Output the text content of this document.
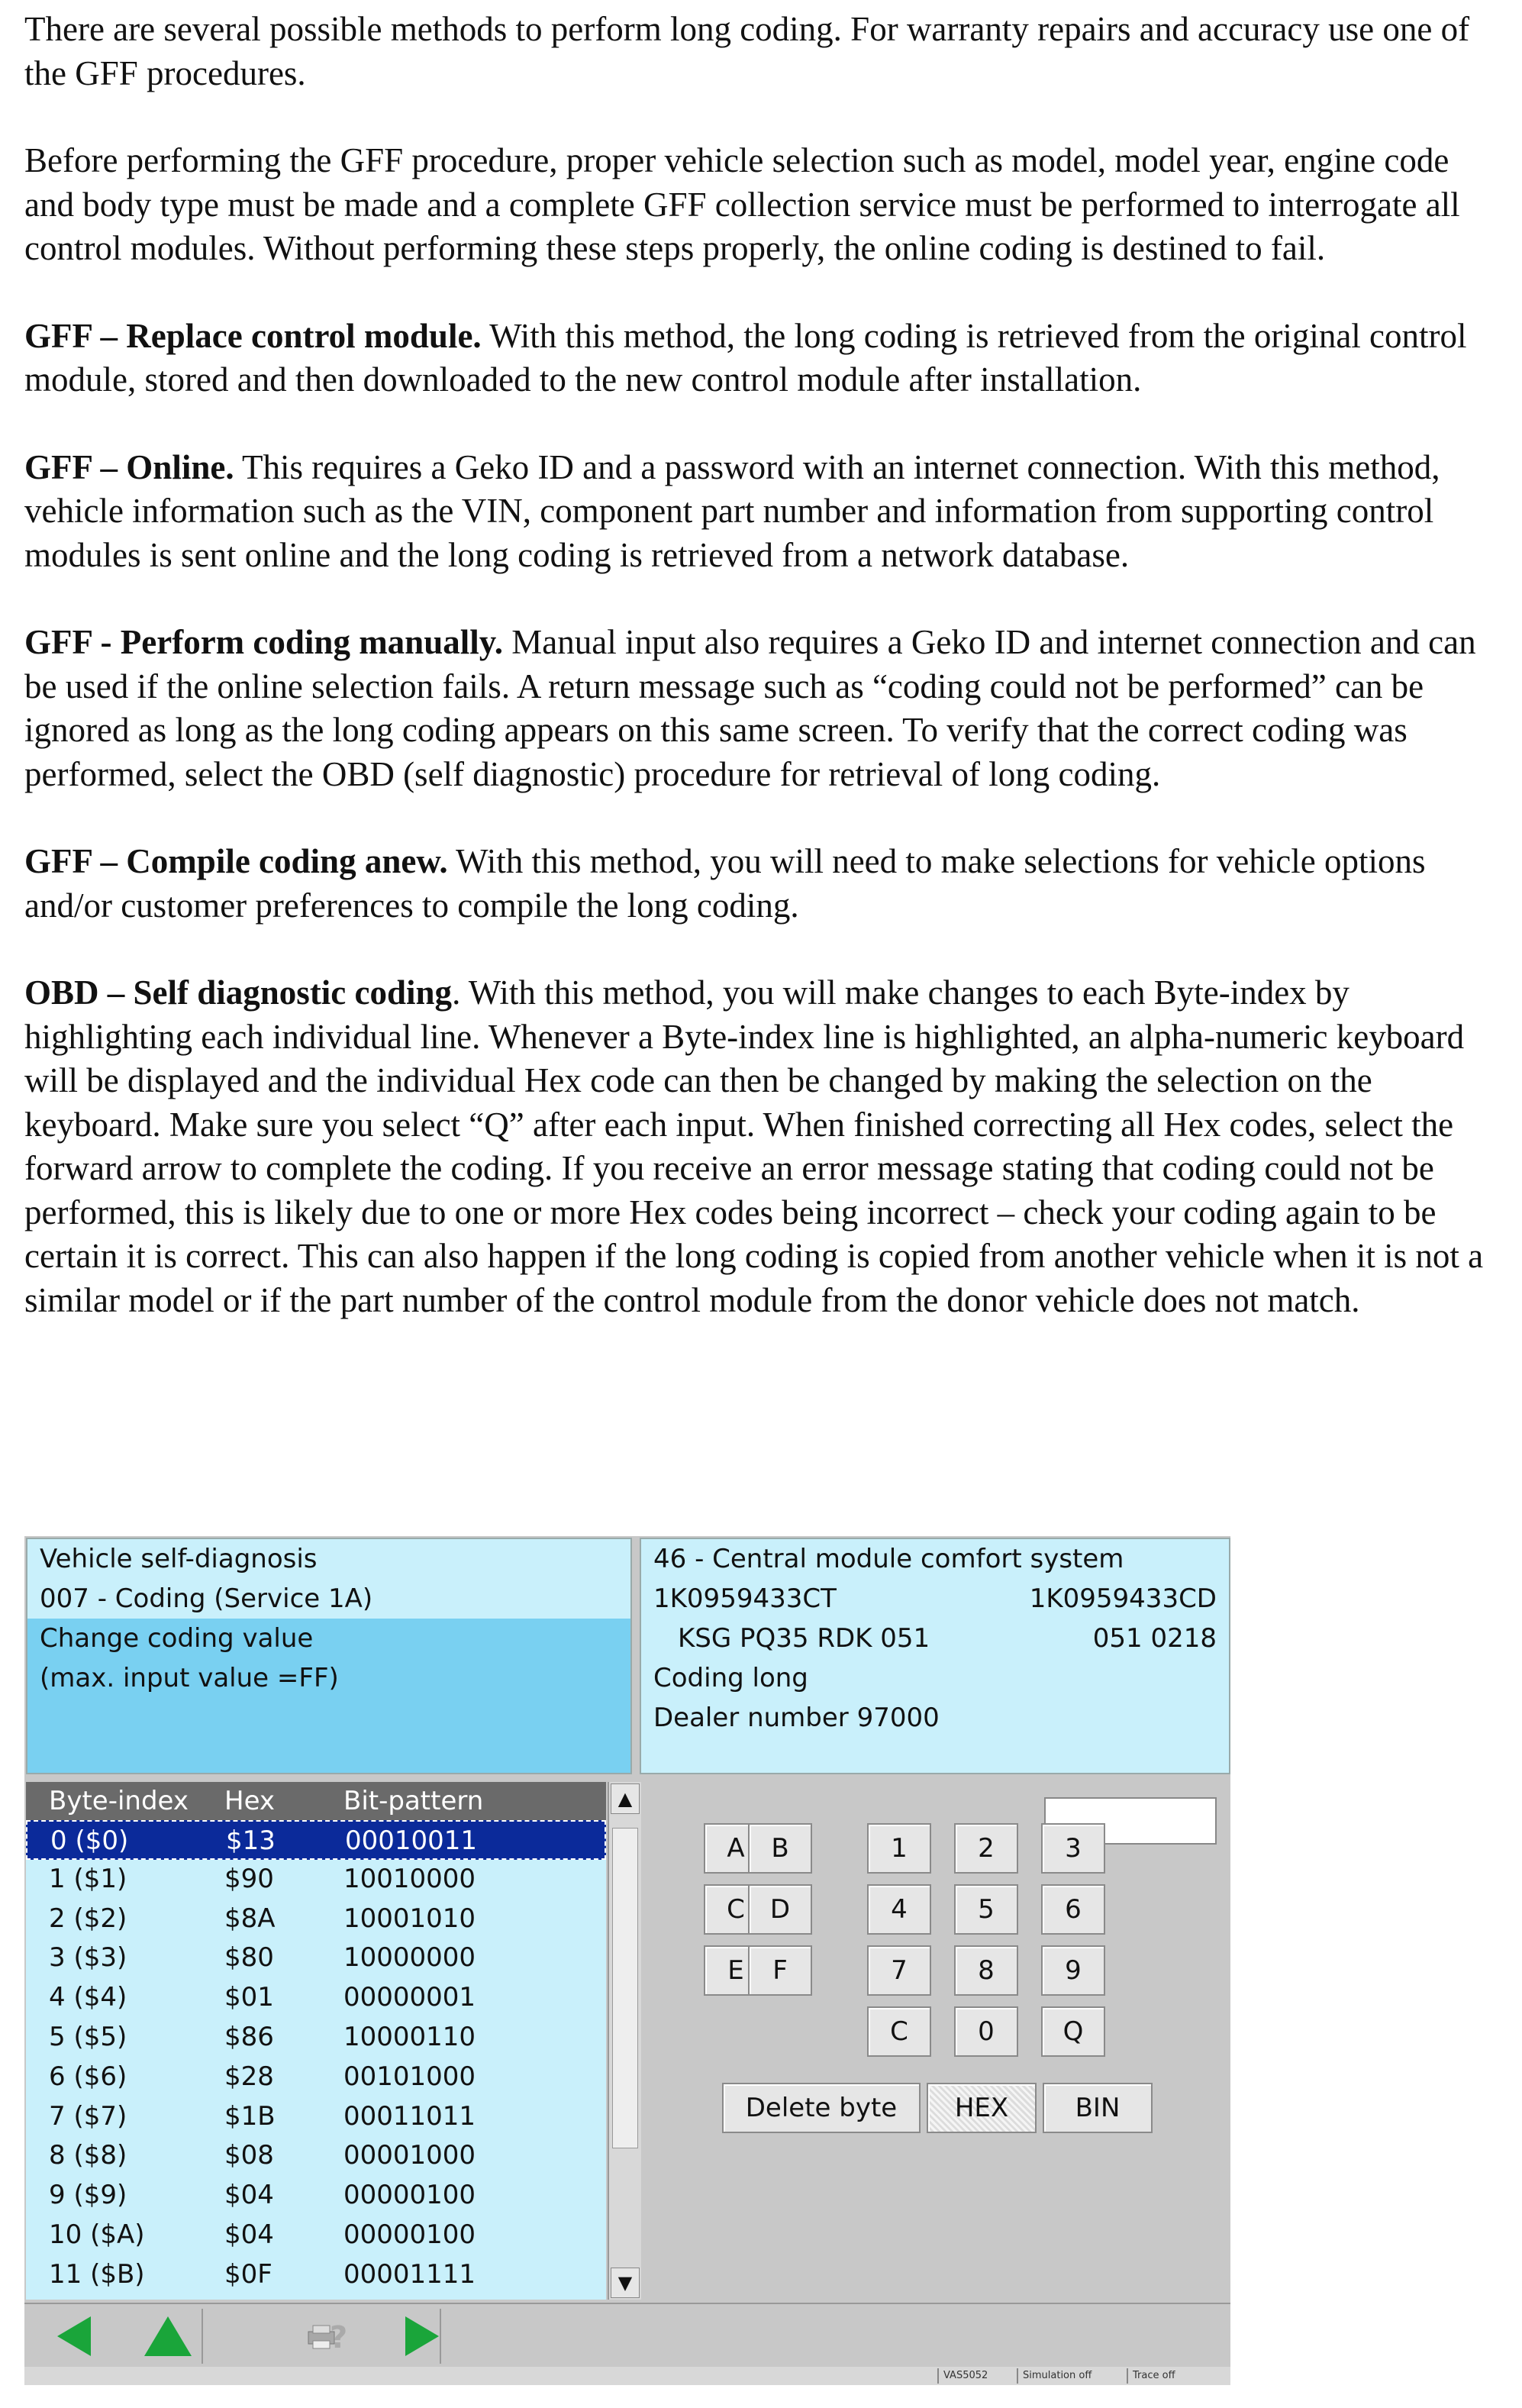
There are several possible methods to perform long coding. For warranty repairs and accuracy use one of the GFF procedures.

Before performing the GFF procedure, proper vehicle selection such as model, model year, engine code and body type must be made and a complete GFF collection service must be performed to interrogate all control modules. Without performing these steps properly, the online coding is destined to fail.

GFF – Replace control module. With this method, the long coding is retrieved from the original control module, stored and then downloaded to the new control module after installation.

GFF – Online. This requires a Geko ID and a password with an internet connection. With this method, vehicle information such as the VIN, component part number and information from supporting control modules is sent online and the long coding is retrieved from a network database.

GFF - Perform coding manually. Manual input also requires a Geko ID and internet connection and can be used if the online selection fails. A return message such as “coding could not be performed” can be ignored as long as the long coding appears on this same screen. To verify that the correct coding was performed, select the OBD (self diagnostic) procedure for retrieval of long coding.

GFF – Compile coding anew. With this method, you will need to make selections for vehicle options and/or customer preferences to compile the long coding.

OBD – Self diagnostic coding. With this method, you will make changes to each Byte-index by highlighting each individual line. Whenever a Byte-index line is highlighted, an alpha-numeric keyboard will be displayed and the individual Hex code can then be changed by making the selection on the keyboard. Make sure you select “Q” after each input. When finished correcting all Hex codes, select the forward arrow to complete the coding. If you receive an error message stating that coding could not be performed, this is likely due to one or more Hex codes being incorrect – check your coding again to be certain it is correct. This can also happen if the long coding is copied from another vehicle when it is not a similar model or if the part number of the control module from the donor vehicle does not match.

Vehicle self-diagnosis
007 - Coding (Service 1A)
Change coding value
(max. input value =FF)
46 - Central module comfort system
1K0959433CT	1K0959433CD
KSG PQ35 RDK 051	051 0218
Coding long
Dealer number 97000
Byte-index	Hex	Bit-pattern
0 ($0)	$13	00010011
1 ($1)	$90	10010000
2 ($2)	$8A	10001010
3 ($3)	$80	10000000
4 ($4)	$01	00000001
5 ($5)	$86	10000110
6 ($6)	$28	00101000
7 ($7)	$1B	00011011
8 ($8)	$08	00001000
9 ($9)	$04	00000100
10 ($A)	$04	00000100
11 ($B)	$0F	00001111
▲
▼
A	B	1	2	3
C D	4	5	6
E	F	7	8	9
C	0	Q
Delete byte	HEX	BIN
?
VAS5052	Simulation off	Trace off
